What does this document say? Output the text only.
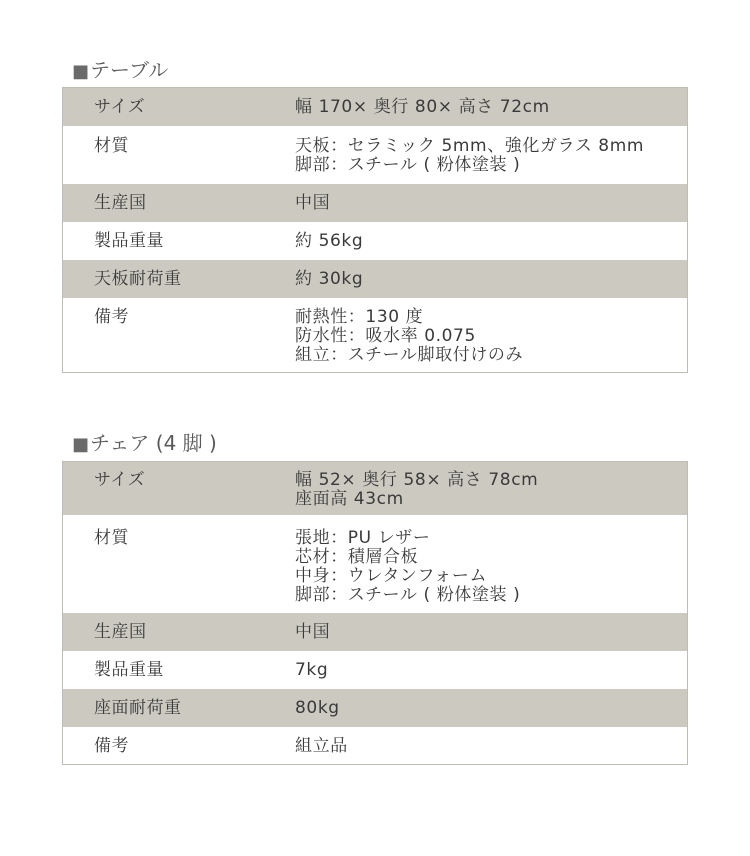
■テーブル
サイズ	幅 170× 奥行 80× 高さ 72cm
材質	天板：セラミック 5mm、強化ガラス 8mm
脚部：スチール ( 粉体塗装 )
生産国	中国
製品重量	約 56kg
天板耐荷重	約 30kg
備考	耐熱性：130 度
防水性：吸水率 0.075
組立：スチール脚取付けのみ
■チェア (4 脚 )
サイズ	幅 52× 奥行 58× 高さ 78cm
座面高 43cm
材質	張地：PU レザー
芯材：積層合板
中身：ウレタンフォーム
脚部：スチール ( 粉体塗装 )
生産国	中国
製品重量	7kg
座面耐荷重	80kg
備考	組立品
